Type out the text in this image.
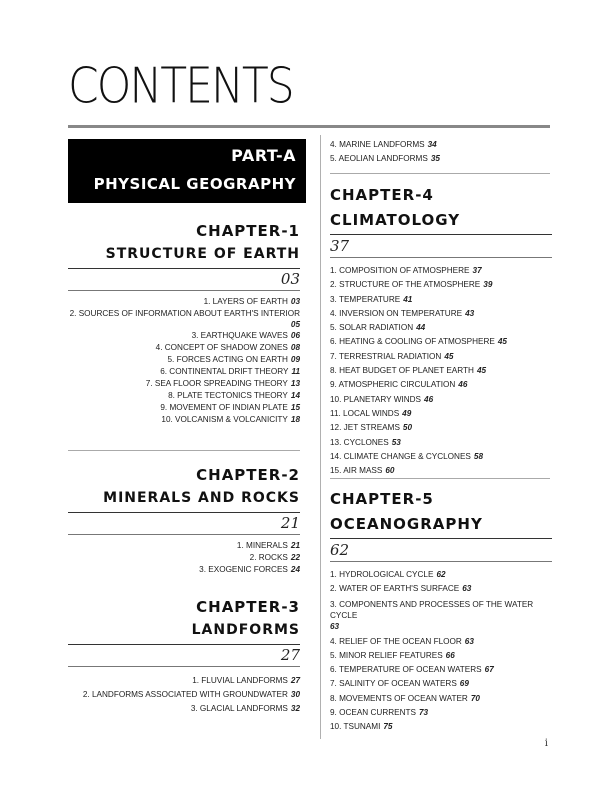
CONTENTS
PART-A
PHYSICAL GEOGRAPHY
CHAPTER-1
STRUCTURE OF EARTH
03
1. LAYERS OF EARTH 03
2. SOURCES OF INFORMATION ABOUT EARTH'S INTERIOR
05
3. EARTHQUAKE WAVES 06
4. CONCEPT OF SHADOW ZONES 08
5. FORCES ACTING ON EARTH 09
6. CONTINENTAL DRIFT THEORY 11
7. SEA FLOOR SPREADING THEORY 13
8. PLATE TECTONICS THEORY 14
9. MOVEMENT OF INDIAN PLATE 15
10. VOLCANISM & VOLCANICITY 18
CHAPTER-2
MINERALS AND ROCKS
21
1. MINERALS 21
2. ROCKS 22
3. EXOGENIC FORCES 24
CHAPTER-3
LANDFORMS
27
1. FLUVIAL LANDFORMS 27
2. LANDFORMS ASSOCIATED WITH GROUNDWATER 30
3. GLACIAL LANDFORMS 32
4. MARINE LANDFORMS 34
5. AEOLIAN LANDFORMS 35
CHAPTER-4
CLIMATOLOGY
37
1. COMPOSITION OF ATMOSPHERE 37
2. STRUCTURE OF THE ATMOSPHERE 39
3. TEMPERATURE 41
4. INVERSION ON TEMPERATURE 43
5. SOLAR RADIATION 44
6. HEATING & COOLING OF ATMOSPHERE 45
7. TERRESTRIAL RADIATION 45
8. HEAT BUDGET OF PLANET EARTH 45
9. ATMOSPHERIC CIRCULATION 46
10. PLANETARY WINDS 46
11. LOCAL WINDS 49
12. JET STREAMS 50
13. CYCLONES 53
14. CLIMATE CHANGE & CYCLONES 58
15. AIR MASS 60
CHAPTER-5
OCEANOGRAPHY
62
1. HYDROLOGICAL CYCLE 62
2. WATER OF EARTH'S SURFACE 63
3. COMPONENTS AND PROCESSES OF THE WATER CYCLE
63
4. RELIEF OF THE OCEAN FLOOR 63
5. MINOR RELIEF FEATURES 66
6. TEMPERATURE OF OCEAN WATERS 67
7. SALINITY OF OCEAN WATERS 69
8. MOVEMENTS OF OCEAN WATER 70
9. OCEAN CURRENTS 73
10. TSUNAMI 75
i
